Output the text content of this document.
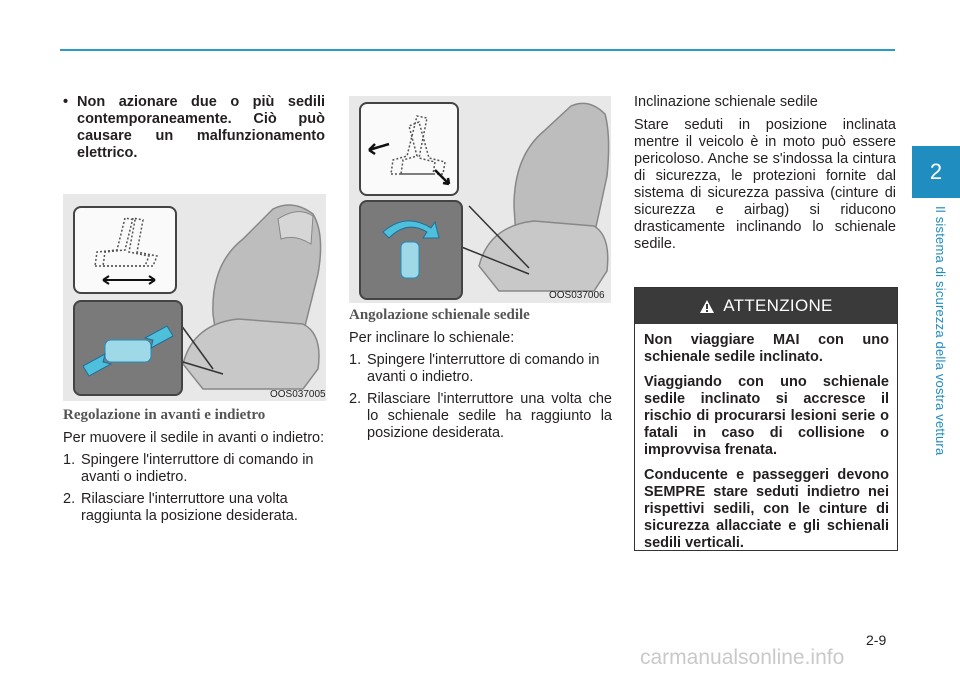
2
Il sistema di sicurezza della vostra vettura
• Non azionare due o più sedili contemporaneamente. Ciò può causare un malfunzionamento elettrico.
OOS037005

Regolazione in avanti e indietro

Per muovere il sedile in avanti o indietro:

1. Spingere l'interruttore di comando in avanti o indietro.
2. Rilasciare l'interruttore una volta raggiunta la posizione desiderata.
OOS037006

Angolazione schienale sedile

Per inclinare lo schienale:

1. Spingere l'interruttore di comando in avanti o indietro.
2. Rilasciare l'interruttore una volta che lo schienale sedile ha raggiunto la posizione desiderata.

Inclinazione schienale sedile

Stare seduti in posizione inclinata mentre il veicolo è in moto può essere pericoloso. Anche se s'indossa la cintura di sicurezza, le protezioni fornite dal sistema di sicurezza passiva (cinture di sicurezza e airbag) si riducono drasticamente inclinando lo schienale sedile.

ATTENZIONE

Non viaggiare MAI con uno schienale sedile inclinato.

Viaggiando con uno schienale sedile inclinato si accresce il rischio di procurarsi lesioni serie o fatali in caso di collisione o improvvisa frenata.

Conducente e passeggeri devono SEMPRE stare seduti indietro nei rispettivi sedili, con le cinture di sicurezza allacciate e gli schienali sedili verticali.

2-9
carmanualsonline.info
